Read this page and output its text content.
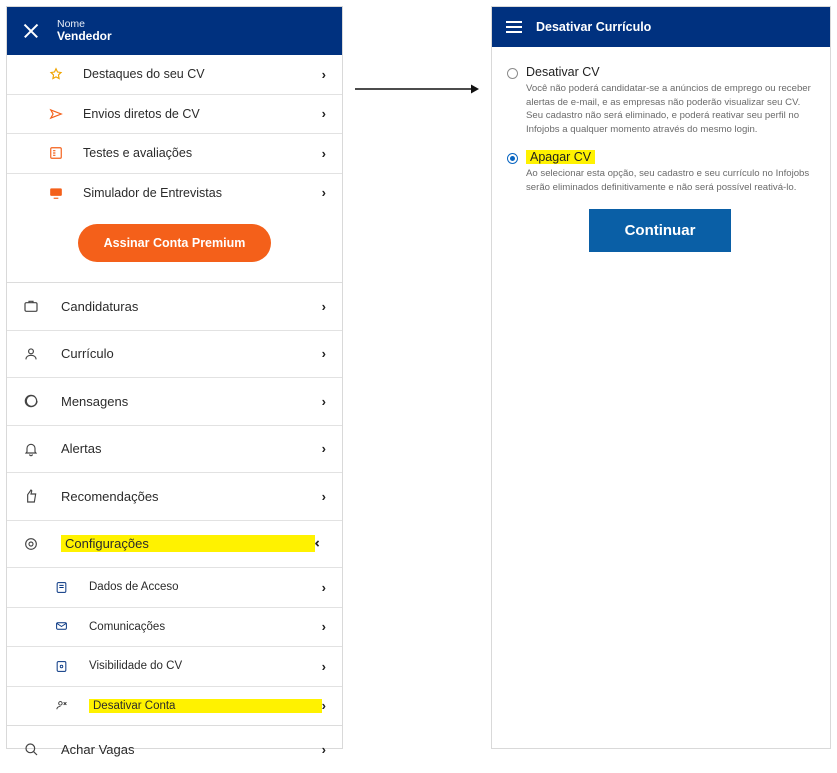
Nome
Vendedor
Destaques do seu CV	›
Envios diretos de CV	›
Testes e avaliações	›
Simulador de Entrevistas	›
Assinar Conta Premium
Candidaturas	›
Currículo	›
Mensagens	›
Alertas	›
Recomendações	›
Configurações	⌃
Dados de Acceso	›
Comunicações	›
Visibilidade do CV	›
Desativar Conta	›
Achar Vagas	›
Desativar Currículo
Desativar CV
Você não poderá candidatar-se a anúncios de emprego ou receber alertas de e-mail, e as empresas não poderão visualizar seu CV. Seu cadastro não será eliminado, e poderá reativar seu perfil no Infojobs a qualquer momento através do mesmo login.
Apagar CV
Ao selecionar esta opção, seu cadastro e seu currículo no Infojobs serão eliminados definitivamente e não será possível reativá-lo.
Continuar
